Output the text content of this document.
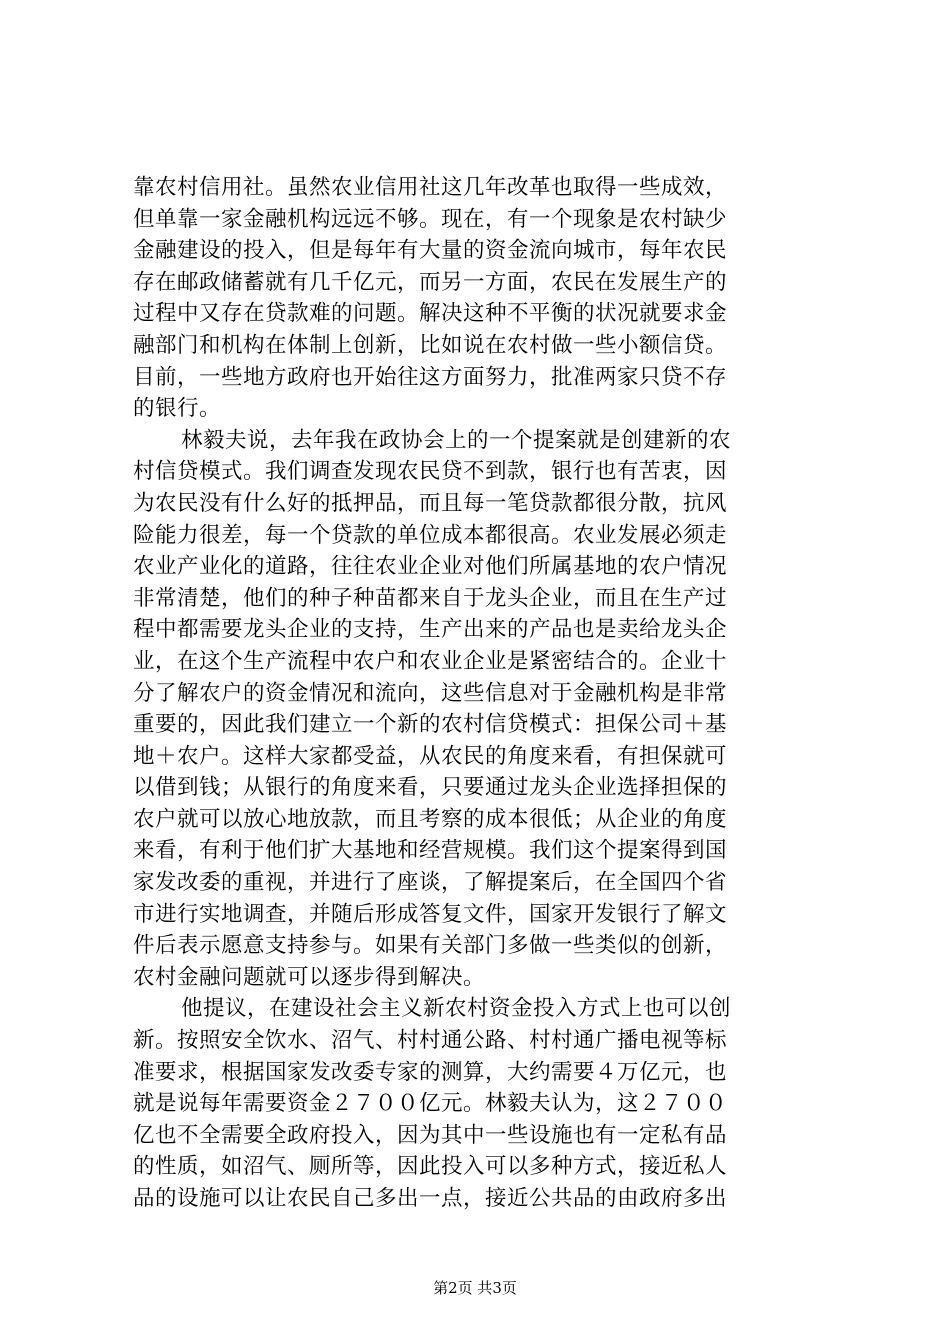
靠农村信用社。虽然农业信用社这几年改革也取得一些成效，
但单靠一家金融机构远远不够。现在，有一个现象是农村缺少
金融建设的投入，但是每年有大量的资金流向城市，每年农民
存在邮政储蓄就有几千亿元，而另一方面，农民在发展生产的
过程中又存在贷款难的问题。解决这种不平衡的状况就要求金
融部门和机构在体制上创新，比如说在农村做一些小额信贷。
目前，一些地方政府也开始往这方面努力，批准两家只贷不存
的银行。
林毅夫说，去年我在政协会上的一个提案就是创建新的农
村信贷模式。我们调查发现农民贷不到款，银行也有苦衷，因
为农民没有什么好的抵押品，而且每一笔贷款都很分散，抗风
险能力很差，每一个贷款的单位成本都很高。农业发展必须走
农业产业化的道路，往往农业企业对他们所属基地的农户情况
非常清楚，他们的种子种苗都来自于龙头企业，而且在生产过
程中都需要龙头企业的支持，生产出来的产品也是卖给龙头企
业，在这个生产流程中农户和农业企业是紧密结合的。企业十
分了解农户的资金情况和流向，这些信息对于金融机构是非常
重要的，因此我们建立一个新的农村信贷模式：担保公司＋基
地＋农户。这样大家都受益，从农民的角度来看，有担保就可
以借到钱；从银行的角度来看，只要通过龙头企业选择担保的
农户就可以放心地放款，而且考察的成本很低；从企业的角度
来看，有利于他们扩大基地和经营规模。我们这个提案得到国
家发改委的重视，并进行了座谈，了解提案后，在全国四个省
市进行实地调查，并随后形成答复文件，国家开发银行了解文
件后表示愿意支持参与。如果有关部门多做一些类似的创新，
农村金融问题就可以逐步得到解决。
他提议，在建设社会主义新农村资金投入方式上也可以创
新。按照安全饮水、沼气、村村通公路、村村通广播电视等标
准要求，根据国家发改委专家的测算，大约需要４万亿元，也
就是说每年需要资金２７００亿元。林毅夫认为，这２７００
亿也不全需要全政府投入，因为其中一些设施也有一定私有品
的性质，如沼气、厕所等，因此投入可以多种方式，接近私人
品的设施可以让农民自己多出一点，接近公共品的由政府多出
第2页 共3页
